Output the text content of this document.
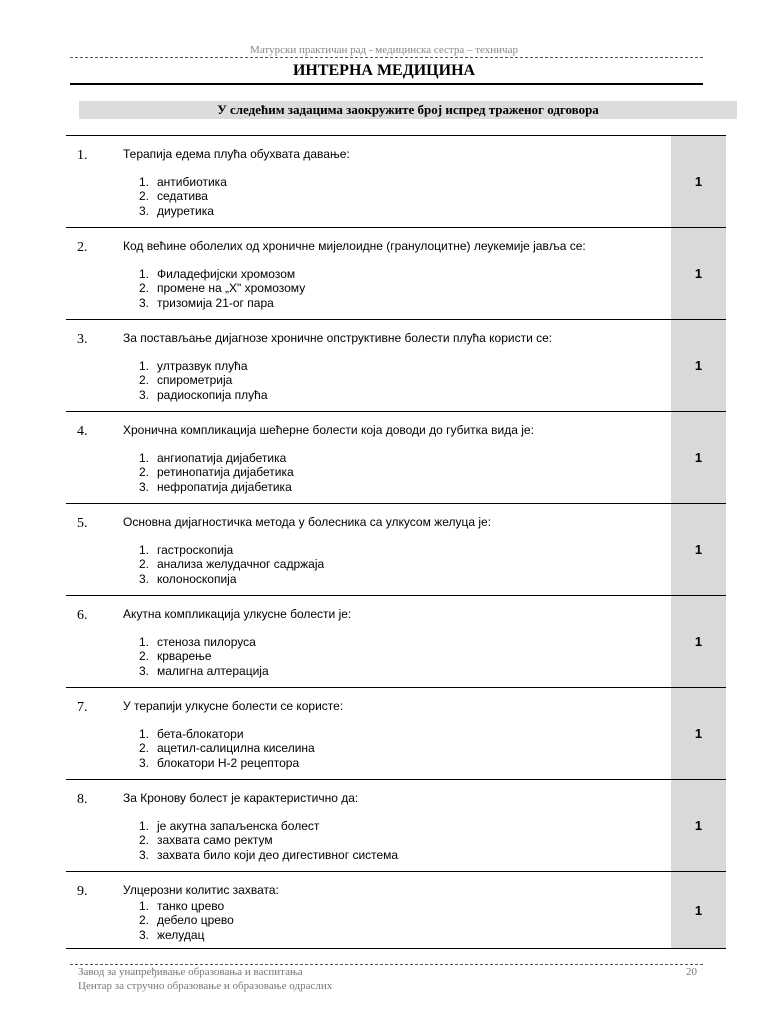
Матурски практичан рад - медицинска сестра – техничар
ИНТЕРНА МЕДИЦИНА
У следећим задацима заокружите број испред траженог одговора
1.	Терапија едема плућа обухвата давање:
1. антибиотика
2. седатива
3. диуретика
1
2.	Код већине оболелих од хроничне мијелоидне (гранулоцитне) леукемије јавља се:
1. Филадефијски хромозом
2. промене на „X" хромозому
3. тризомија 21-ог пара
1
3.	За постављање дијагнозе хроничне опструктивне болести плућа користи се:
1. ултразвук плућа
2. спирометрија
3. радиоскопија плућа
1
4.	Хронична компликација шећерне болести која доводи до губитка вида је:
1. ангиопатија дијабетика
2. ретинопатија дијабетика
3. нефропатија дијабетика
1
5.	Основна дијагностичка метода у болесника са улкусом желуца је:
1. гастроскопија
2. анализа желудачног садржаја
3. колоноскопија
1
6.	Акутна компликација улкусне болести је:
1. стеноза пилоруса
2. крварење
3. малигна алтерација
1
7.	У терапији улкусне болести се користе:
1. бета-блокатори
2. ацетил-салицилна киселина
3. блокатори H-2 рецептора
1
8.	За Кронову болест је карактеристично да:
1. је акутна запаљенска болест
2. захвата само ректум
3. захвата било који део дигестивног система
1
9.	Улцерозни колитис захвата:
1. танко црево
2. дебело црево
3. желудац
1
Завод за унапређивање образовања и васпитања
Центар за стручно образовање и образовање одраслих
20
